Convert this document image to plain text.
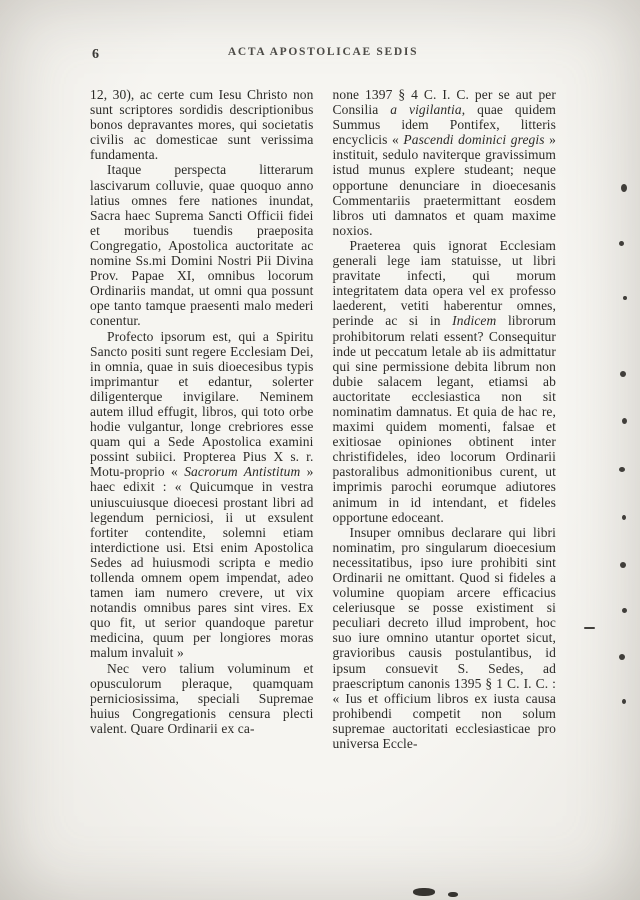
6	ACTA APOSTOLICAE SEDIS

12, 30), ac certe cum Iesu Christo non sunt scriptores sordidis descriptionibus bonos depravantes mores, qui societatis civilis ac domesticae sunt verissima fundamenta.

Itaque perspecta litterarum lascivarum colluvie, quae quoquo anno latius omnes fere nationes inundat, Sacra haec Suprema Sancti Officii fidei et moribus tuendis praeposita Congregatio, Apostolica auctoritate ac nomine Ss.mi Domini Nostri Pii Divina Prov. Papae XI, omnibus locorum Ordinariis mandat, ut omni qua possunt ope tanto tamque praesenti malo mederi conentur.

Profecto ipsorum est, qui a Spiritu Sancto positi sunt regere Ecclesiam Dei, in omnia, quae in suis dioecesibus typis imprimantur et edantur, solerter diligenterque invigilare. Neminem autem illud effugit, libros, qui toto orbe hodie vulgantur, longe crebriores esse quam qui a Sede Apostolica examini possint subiici. Propterea Pius X s. r. Motu-proprio « Sacrorum Antistitum » haec edixit : « Quicumque in vestra uniuscuiusque dioecesi prostant libri ad legendum perniciosi, ii ut exsulent fortiter contendite, solemni etiam interdictione usi. Etsi enim Apostolica Sedes ad huiusmodi scripta e medio tollenda omnem opem impendat, adeo tamen iam numero crevere, ut vix notandis omnibus pares sint vires. Ex quo fit, ut serior quandoque paretur medicina, quum per longiores moras malum invaluit »

Nec vero talium voluminum et opusculorum pleraque, quamquam perniciosissima, speciali Supremae huius Congregationis censura plecti valent. Quare Ordinarii ex ca-

none 1397 § 4 C. I. C. per se aut per Consilia a vigilantia, quae quidem Summus idem Pontifex, litteris encyclicis « Pascendi dominici gregis » instituit, sedulo naviterque gravissimum istud munus explere studeant; neque opportune denunciare in dioecesanis Commentariis praetermittant eosdem libros uti damnatos et quam maxime noxios.

Praeterea quis ignorat Ecclesiam generali lege iam statuisse, ut libri pravitate infecti, qui morum integritatem data opera vel ex professo laederent, vetiti haberentur omnes, perinde ac si in Indicem librorum prohibitorum relati essent? Consequitur inde ut peccatum letale ab iis admittatur qui sine permissione debita librum non dubie salacem legant, etiamsi ab auctoritate ecclesiastica non sit nominatim damnatus. Et quia de hac re, maximi quidem momenti, falsae et exitiosae opiniones obtinent inter christifideles, ideo locorum Ordinarii pastoralibus admonitionibus curent, ut imprimis parochi eorumque adiutores animum in id intendant, et fideles opportune edoceant.

Insuper omnibus declarare qui libri nominatim, pro singularum dioecesium necessitatibus, ipso iure prohibiti sint Ordinarii ne omittant. Quod si fideles a volumine quopiam arcere efficacius celeriusque se posse existiment si peculiari decreto illud improbent, hoc suo iure omnino utantur oportet sicut, gravioribus causis postulantibus, id ipsum consuevit S. Sedes, ad praescriptum canonis 1395 § 1 C. I. C. : « Ius et officium libros ex iusta causa prohibendi competit non solum supremae auctoritati ecclesiasticae pro universa Eccle-
